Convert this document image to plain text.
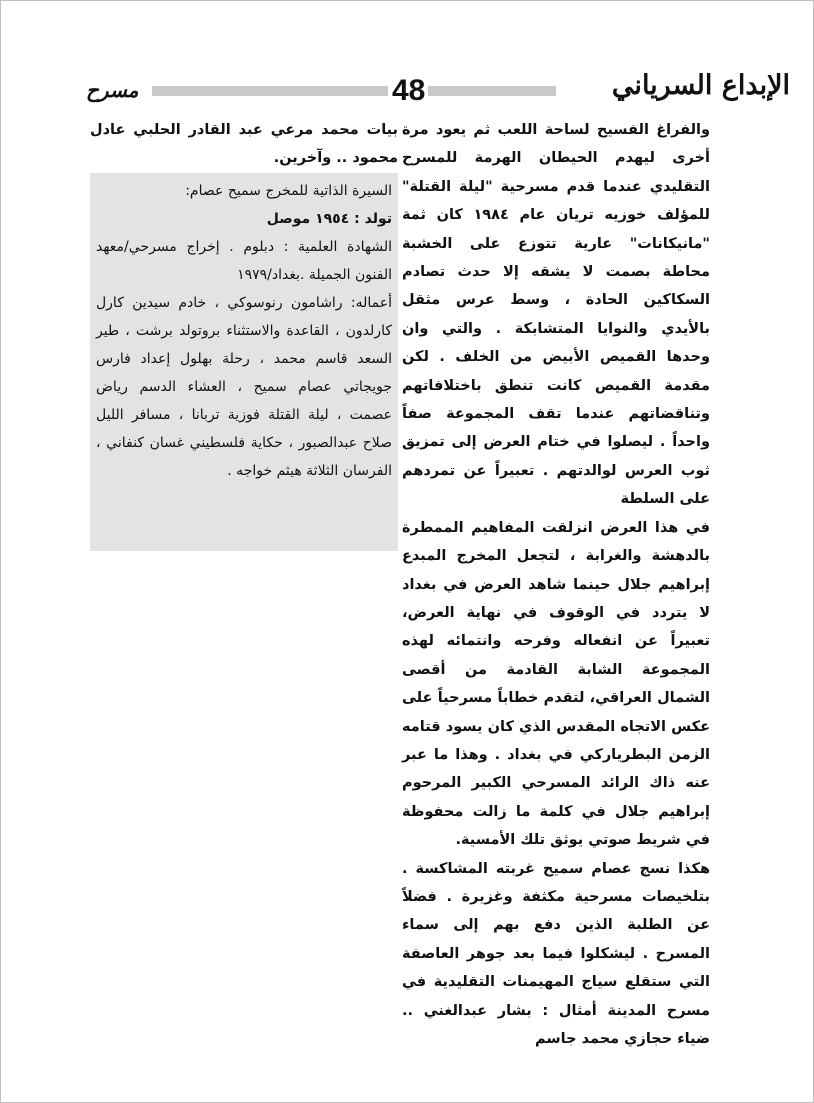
الإبداع السرياني
48
مسرح

والفراغ الفسيح لساحة اللعب ثم يعود مرة أخرى ليهدم الحيطان الهرمة للمسرح التقليدي عندما قدم مسرحية "ليلة القتلة" للمؤلف خوزيه تريان عام ١٩٨٤ كان ثمة "مانيكانات" عارية تتوزع على الخشبة محاطة بصمت لا يشقه إلا حدث تصادم السكاكين الحادة ، وسط عرس مثقل بالأيدي والنوايا المتشابكة . والتي وان وحدها القميص الأبيض من الخلف . لكن مقدمة القميص كانت تنطق باختلافاتهم وتناقضاتهم عندما تقف المجموعة صفاً واحداً . ليصلوا في ختام العرض إلى تمزيق ثوب العرس لوالدتهم . تعبيراً عن تمردهم على السلطة

في هذا العرض انزلقت المفاهيم الممطرة بالدهشة والغرابة ، لتجعل المخرج المبدع إبراهيم جلال حينما شاهد العرض في بغداد لا يتردد في الوقوف في نهاية العرض، تعبيراً عن انفعاله وفرحه وانتمائه لهذه المجموعة الشابة القادمة من أقصى الشمال العراقي، لتقدم خطاباً مسرحياً على عكس الاتجاه المقدس الذي كان يسود قتامه الزمن البطرياركي في بغداد . وهذا ما عبر عنه ذاك الرائد المسرحي الكبير المرحوم إبراهيم جلال في كلمة ما زالت محفوظة في شريط صوتي يوثق تلك الأمسية.

هكذا نسج عصام سميح غربته المشاكسة . بتلخيصات مسرحية مكثفة وغزيرة . فضلاً عن الطلبة الذين دفع بهم إلى سماء المسرح . ليشكلوا فيما بعد جوهر العاصفة التي ستقلع سياج المهيمنات التقليدية في مسرح المدينة أمثال : بشار عبدالغني .. ضياء حجازي محمد جاسم

بيات محمد مرعي عبد القادر الحلبي عادل محمود .. وآخرين.

السيرة الذاتية للمخرج سميح عصام:

تولد : ١٩٥٤ موصل

الشهادة العلمية : دبلوم . إخراج مسرحي/معهد الفنون الجميلة .بغداد/١٩٧٩

أعماله: راشامون رنوسوكي ، خادم سيدين كارل كارلدون ، القاعدة والاستثناء بروتولد برشت ، طير السعد قاسم محمد ، رحلة بهلول إعداد فارس جويجاتي عصام سميح ، العشاء الدسم رياض عصمت ، ليلة القتلة فوزية تربانا ، مسافر الليل صلاح عبدالصبور ، حكاية فلسطيني غسان كنفاني ، الفرسان الثلاثة هيثم خواجه .
